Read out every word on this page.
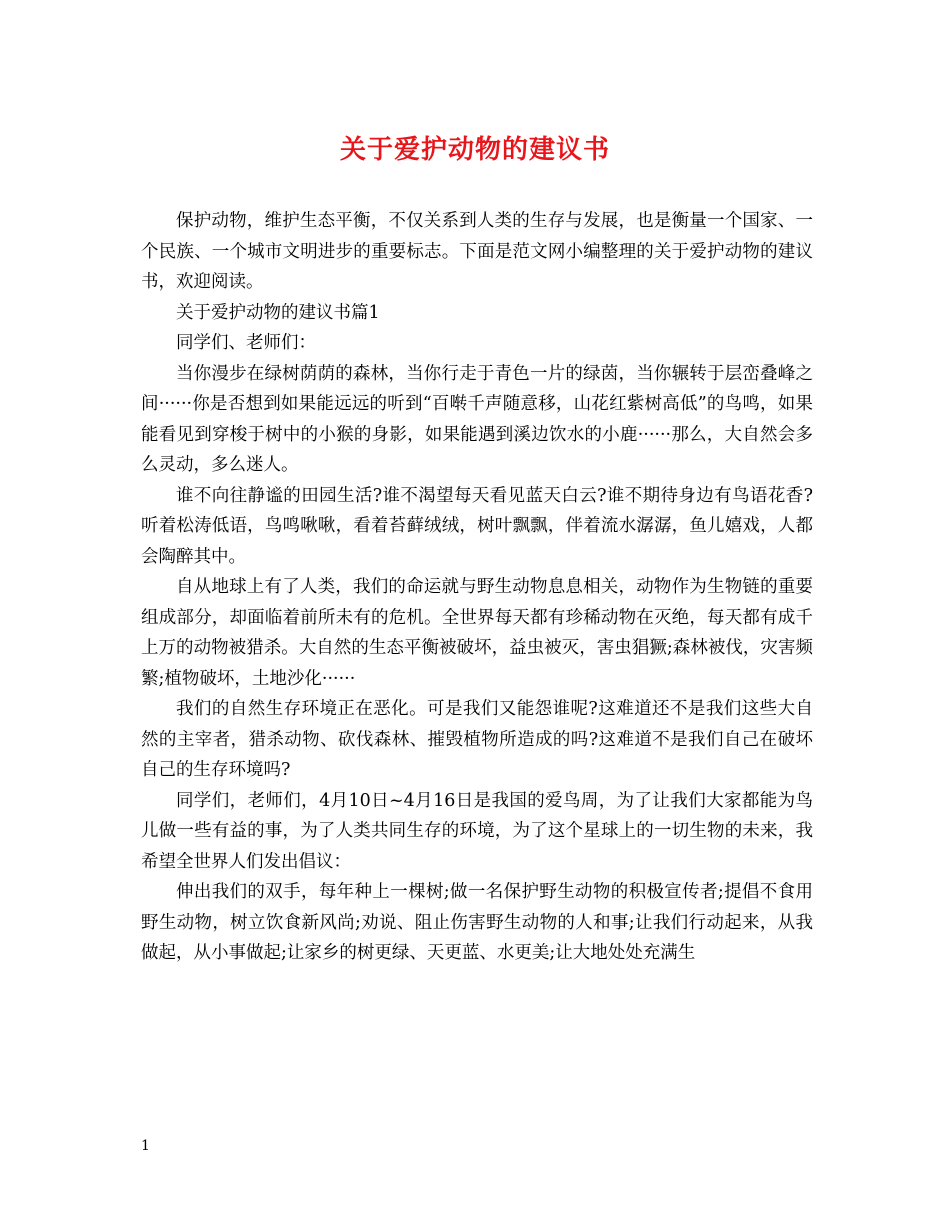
关于爱护动物的建议书

保护动物，维护生态平衡，不仅关系到人类的生存与发展，也是衡量一个国家、一个民族、一个城市文明进步的重要标志。下面是范文网小编整理的关于爱护动物的建议书，欢迎阅读。

关于爱护动物的建议书篇1

同学们、老师们：

当你漫步在绿树荫荫的森林，当你行走于青色一片的绿茵，当你辗转于层峦叠峰之间······你是否想到如果能远远的听到“百啭千声随意移，山花红紫树高低”的鸟鸣，如果能看见到穿梭于树中的小猴的身影，如果能遇到溪边饮水的小鹿······那么，大自然会多么灵动，多么迷人。

谁不向往静谧的田园生活?谁不渴望每天看见蓝天白云?谁不期待身边有鸟语花香?听着松涛低语，鸟鸣啾啾，看着苔藓绒绒，树叶飘飘，伴着流水潺潺，鱼儿嬉戏，人都会陶醉其中。

自从地球上有了人类，我们的命运就与野生动物息息相关，动物作为生物链的重要组成部分，却面临着前所未有的危机。全世界每天都有珍稀动物在灭绝，每天都有成千上万的动物被猎杀。大自然的生态平衡被破坏，益虫被灭，害虫猖獗;森林被伐，灾害频繁;植物破坏，土地沙化······

我们的自然生存环境正在恶化。可是我们又能怨谁呢?这难道还不是我们这些大自然的主宰者，猎杀动物、砍伐森林、摧毁植物所造成的吗?这难道不是我们自己在破坏自己的生存环境吗?

同学们，老师们，4月10日~4月16日是我国的爱鸟周，为了让我们大家都能为鸟儿做一些有益的事，为了人类共同生存的环境，为了这个星球上的一切生物的未来，我希望全世界人们发出倡议：

伸出我们的双手，每年种上一棵树;做一名保护野生动物的积极宣传者;提倡不食用野生动物，树立饮食新风尚;劝说、阻止伤害野生动物的人和事;让我们行动起来，从我做起，从小事做起;让家乡的树更绿、天更蓝、水更美;让大地处处充满生

1
